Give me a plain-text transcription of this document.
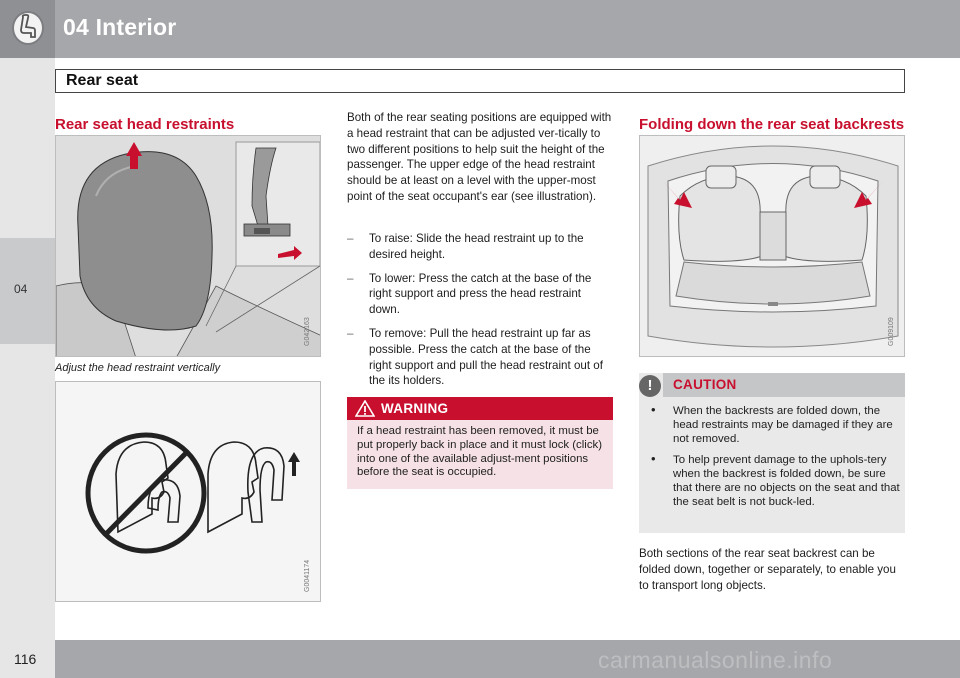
04 Interior
Rear seat
04
Rear seat head restraints
G042163
Adjust the head restraint vertically
G0041174
Both of the rear seating positions are equipped with a head restraint that can be adjusted ver-tically to two different positions to help suit the height of the passenger. The upper edge of the head restraint should be at least on a level with the upper-most point of the seat occupant's ear (see illustration).
– To raise: Slide the head restraint up to the desired height.
– To lower: Press the catch at the base of the right support and press the head restraint down.
– To remove: Pull the head restraint up far as possible. Press the catch at the base of the right support and pull the head restraint out of the its holders.
WARNING
If a head restraint has been removed, it must be put properly back in place and it must lock (click) into one of the available adjust-ment positions before the seat is occupied.
Folding down the rear seat backrests
G009109
!	CAUTION
• When the backrests are folded down, the head restraints may be damaged if they are not removed.
• To help prevent damage to the uphols-tery when the backrest is folded down, be sure that there are no objects on the seat and that the seat belt is not buck-led.
Both sections of the rear seat backrest can be folded down, together or separately, to enable you to transport long objects.
116	carmanualsonline.info
